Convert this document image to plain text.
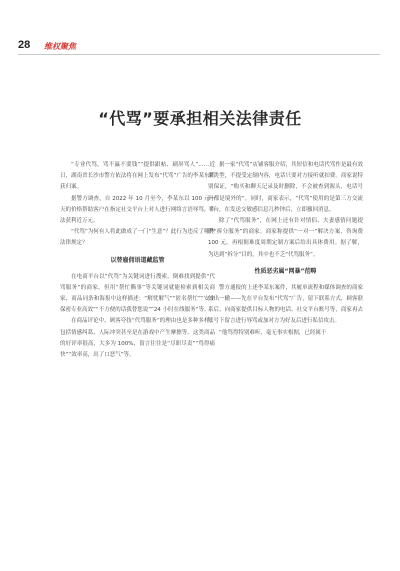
28 维权聚焦
“代骂”要承担相关法律责任

“专业代骂，骂不赢不要钱”“提供跟帖、刷屏骂人”……近日，湖南省长沙市警方依法将在网上发布“代骂”广告的李某东抓获归案。

据警方调查，自 2022 年 10 月至今，李某东以 100 元一天的价格帮助客户在指定社交平台上对人进行网络言语辱骂，非法获利近万元。

“代骂”为何有人将此做成了一门“生意”？此行为违反了哪些法律规定？

以替雇佣语道藏监管

在电商平台以“代骂”为关键词进行搜索，倒难找到提供“代骂服务”的商家，但用“帮忙撕事”等关键词就能检索到相关商家，商品词条和海报中这样描述：“解忧解气”“匿名帮忙”“安全保密专业高效”“不方便的话我替您说”“24 小时在线服务”等。

在商品评论中，顾客夸技“代骂服务”的理由也是多种多样，包括情感纠葛、人际冲突甚至是在游戏中产生摩擦等。这类商品的好评率很高，大多为 100%，留言往往是“尽职尽责”“骂得痛快”“效率高，出了口恶气”等。

据一家“代骂”店铺客服介绍，其短信和电话代骂作是最有效果类型，不提受定制内容，电话只要对方接听就扣费。商家说特别保证，“购买和聊天记录及时删除，不会被查到源头，电话号码都是境外的”。同时，商家表示，“代骂”使用的是第三方交流平台，在发送交敏感信息几秒钟后，立即撤回消息。

除了“代骂服务”，在网上还有针对情侣、夫妻感情问题提供“拆分服务”的商家。商家称提供“一对一”解决方案，咨询费 100 元，再根据难度周期定制方案后给出具体费用。据了解，为达到“拆分”目的，其中也不乏“代骂服务”。

性质恶劣属“网暴”范畴

警方通报的上述李某东案件，其履单流程和媒体调查的商家如出一辙——先在平台发布“代骂”广告，留下联系方式，顾客联系后，向商家提供目标人物的电话、社交平台账号等，商家再去账号下留言进行辱骂或加对方为好友后进行私信攻击。

“他骂得特别难听，毫无事实根据，已经属于
